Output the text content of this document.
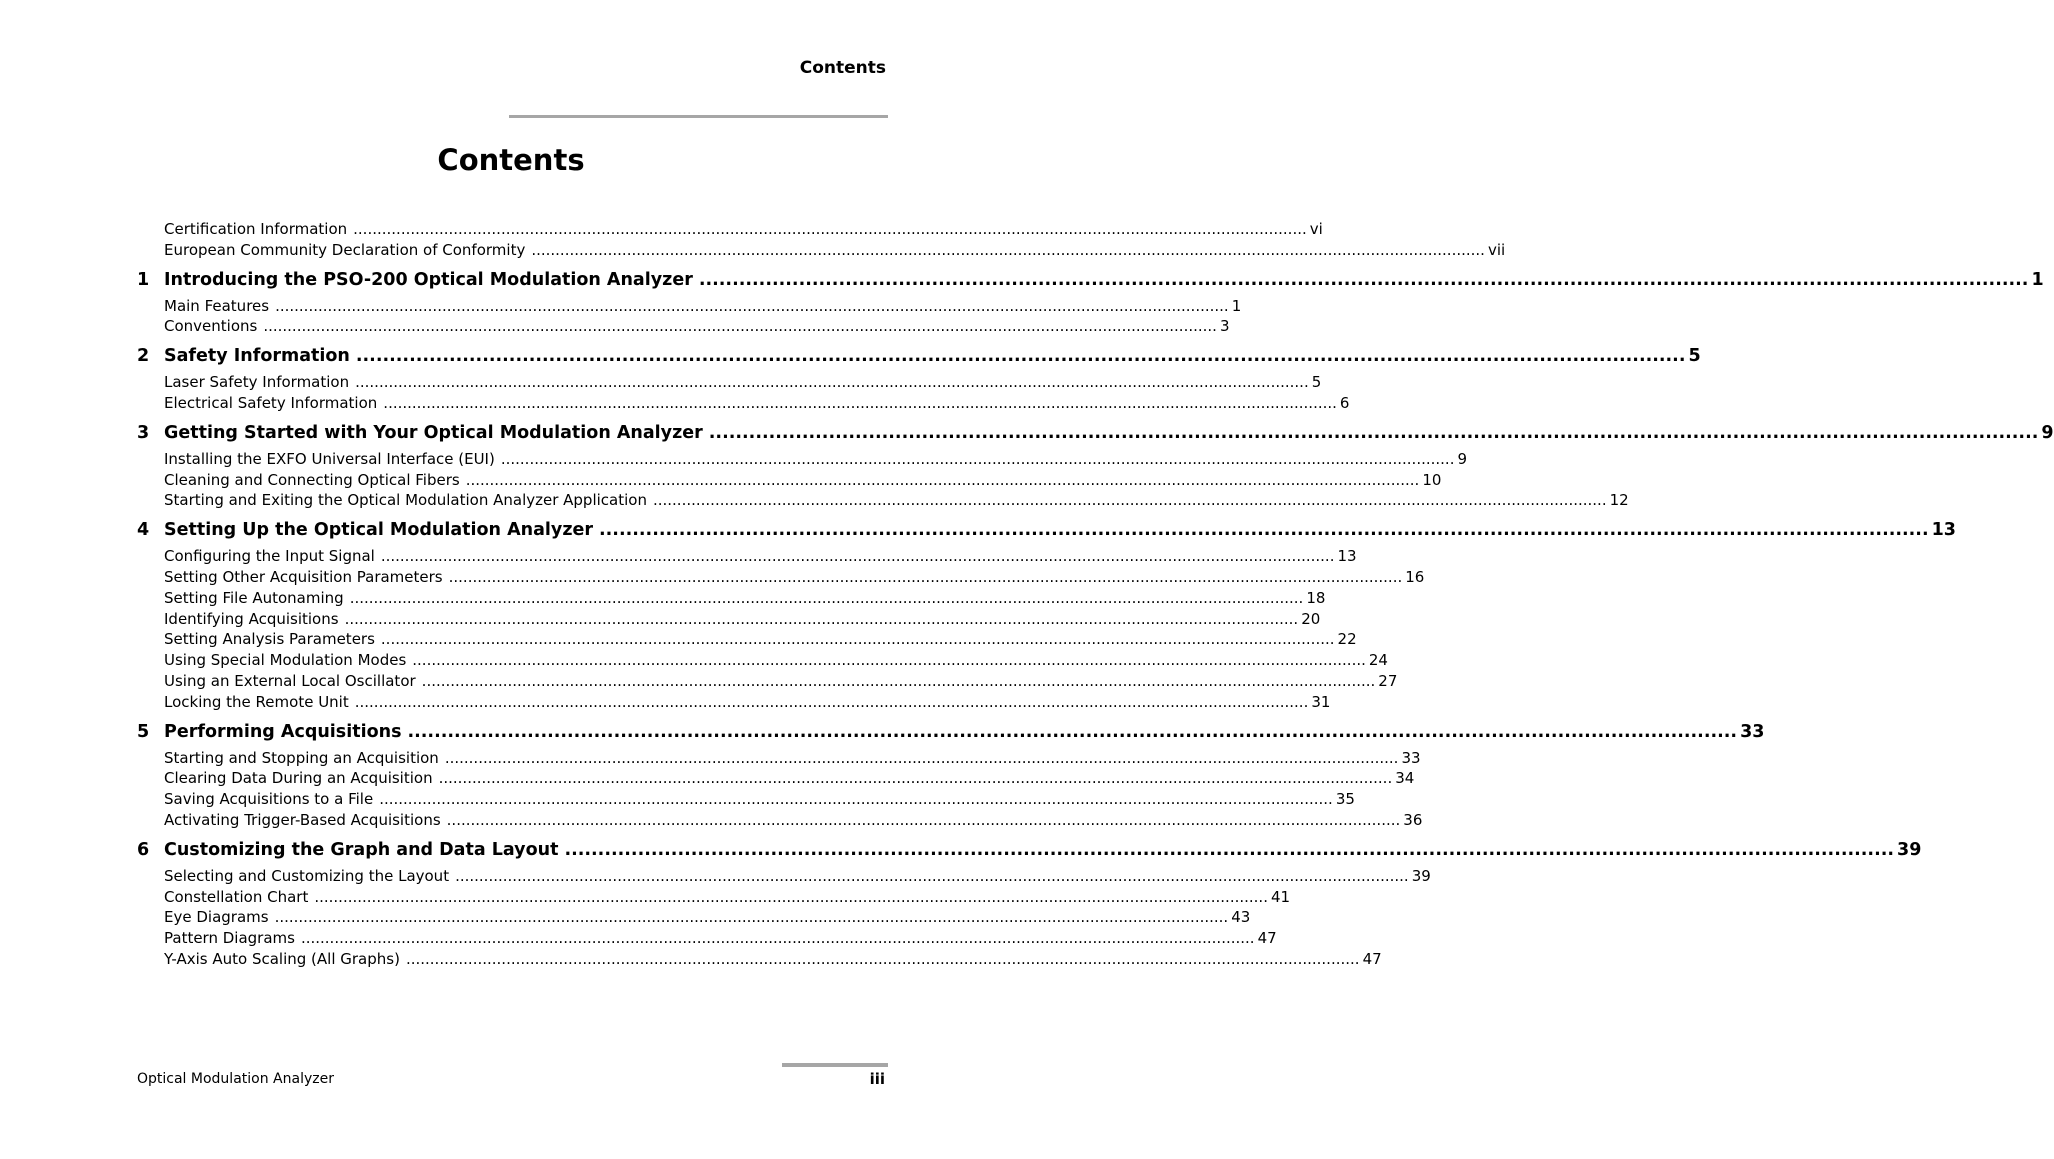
Contents
Contents
Certification Information ........................................................................................................................................................................................................ vi
European Community Declaration of Conformity ........................................................................................................................................................................................................ vii
1 Introducing the PSO-200 Optical Modulation Analyzer ........................................................................................................................................................................................................ 1
Main Features ........................................................................................................................................................................................................ 1
Conventions ........................................................................................................................................................................................................ 3
2 Safety Information ........................................................................................................................................................................................................ 5
Laser Safety Information ........................................................................................................................................................................................................ 5
Electrical Safety Information ........................................................................................................................................................................................................ 6
3 Getting Started with Your Optical Modulation Analyzer ........................................................................................................................................................................................................ 9
Installing the EXFO Universal Interface (EUI) ........................................................................................................................................................................................................ 9
Cleaning and Connecting Optical Fibers ........................................................................................................................................................................................................ 10
Starting and Exiting the Optical Modulation Analyzer Application ........................................................................................................................................................................................................ 12
4 Setting Up the Optical Modulation Analyzer ........................................................................................................................................................................................................ 13
Configuring the Input Signal ........................................................................................................................................................................................................ 13
Setting Other Acquisition Parameters ........................................................................................................................................................................................................ 16
Setting File Autonaming ........................................................................................................................................................................................................ 18
Identifying Acquisitions ........................................................................................................................................................................................................ 20
Setting Analysis Parameters ........................................................................................................................................................................................................ 22
Using Special Modulation Modes ........................................................................................................................................................................................................ 24
Using an External Local Oscillator ........................................................................................................................................................................................................ 27
Locking the Remote Unit ........................................................................................................................................................................................................ 31
5 Performing Acquisitions ........................................................................................................................................................................................................ 33
Starting and Stopping an Acquisition ........................................................................................................................................................................................................ 33
Clearing Data During an Acquisition ........................................................................................................................................................................................................ 34
Saving Acquisitions to a File ........................................................................................................................................................................................................ 35
Activating Trigger-Based Acquisitions ........................................................................................................................................................................................................ 36
6 Customizing the Graph and Data Layout ........................................................................................................................................................................................................ 39
Selecting and Customizing the Layout ........................................................................................................................................................................................................ 39
Constellation Chart ........................................................................................................................................................................................................ 41
Eye Diagrams ........................................................................................................................................................................................................ 43
Pattern Diagrams ........................................................................................................................................................................................................ 47
Y-Axis Auto Scaling (All Graphs) ........................................................................................................................................................................................................ 47
Optical Modulation Analyzer	iii
